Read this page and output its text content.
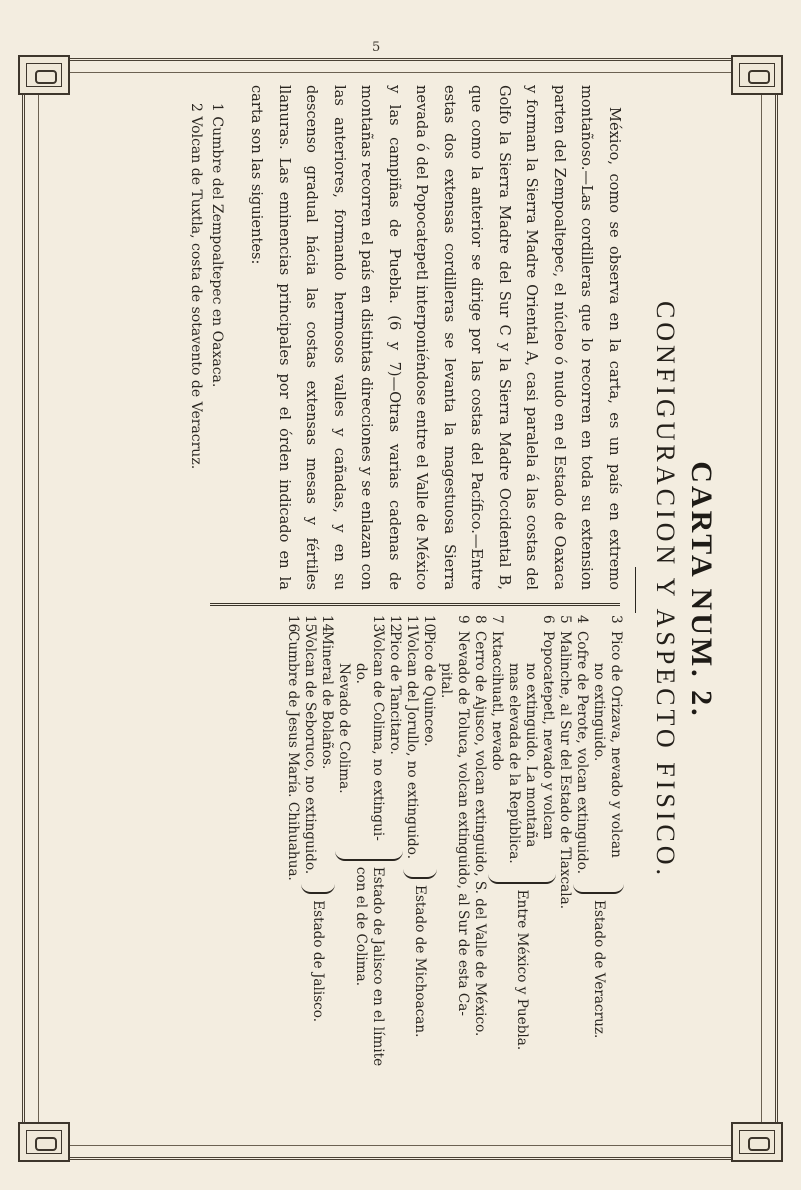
5
CARTA NUM. 2.
CONFIGURACION Y ASPECTO FISICO.

México, como se observa en la carta, es un país en extremo montañoso.—Las cordilleras que lo recorren en toda su extension parten del Zempoaltepec, el núcleo ó nudo en el Estado de Oaxaca y forman la Sierra Madre Oriental A, casi paralela á las costas del Golfo la Sierra Madre del Sur C y la Sierra Madre Occidental B, que como la anterior se dirige por las costas del Pacífico.—Entre estas dos extensas cordilleras se levanta la magestuosa Sierra nevada ó del Popocatepetl interponiéndose entre el Valle de México y las campiñas de Puebla. (6 y 7)—Otras varias cadenas de montañas recorren el país en distintas direcciones y se enlazan con las anteriores, formando hermosos valles y cañadas, y en su descenso gradual hácia las costas extensas mesas y fértiles llanuras. Las eminencias principales por el órden indicado en la carta son las siguientes:

1 Cumbre del Zempoaltepec en Oaxaca.

2 Volcan de Tuxtla, costa de sotavento de Veracruz.

3
Pico de Orizava, nevado y volcan
no extinguido.
4
Cofre de Perote, volcan extinguido.
Estado de Veracruz.
5
Malinche, al Sur del Estado de Tlaxcala.
6
Popocatepetl, nevado y volcan
no extinguido. La montaña
mas elevada de la República.
7
Ixtaccihuatl, nevado
Entre México y Puebla.
8
Cerro de Ajusco, volcan extinguido, S. del Valle de México.
9
Nevado de Toluca, volcan extinguido, al Sur de esta Ca-
pital.
10
Pico de Quinceo.
11
Volcan del Jorullo, no extinguido.
Estado de Michoacan.
12
Pico de Tancitaro.
13
Volcan de Colima, no extingui-
do.
Nevado de Colima.
Estado de Jalisco en el límite con el de Colima.
14
Mineral de Bolaños.
15
Volcan de Seboruco, no extinguido.
Estado de Jalisco.
16
Cumbre de Jesus María. Chihuahua.
